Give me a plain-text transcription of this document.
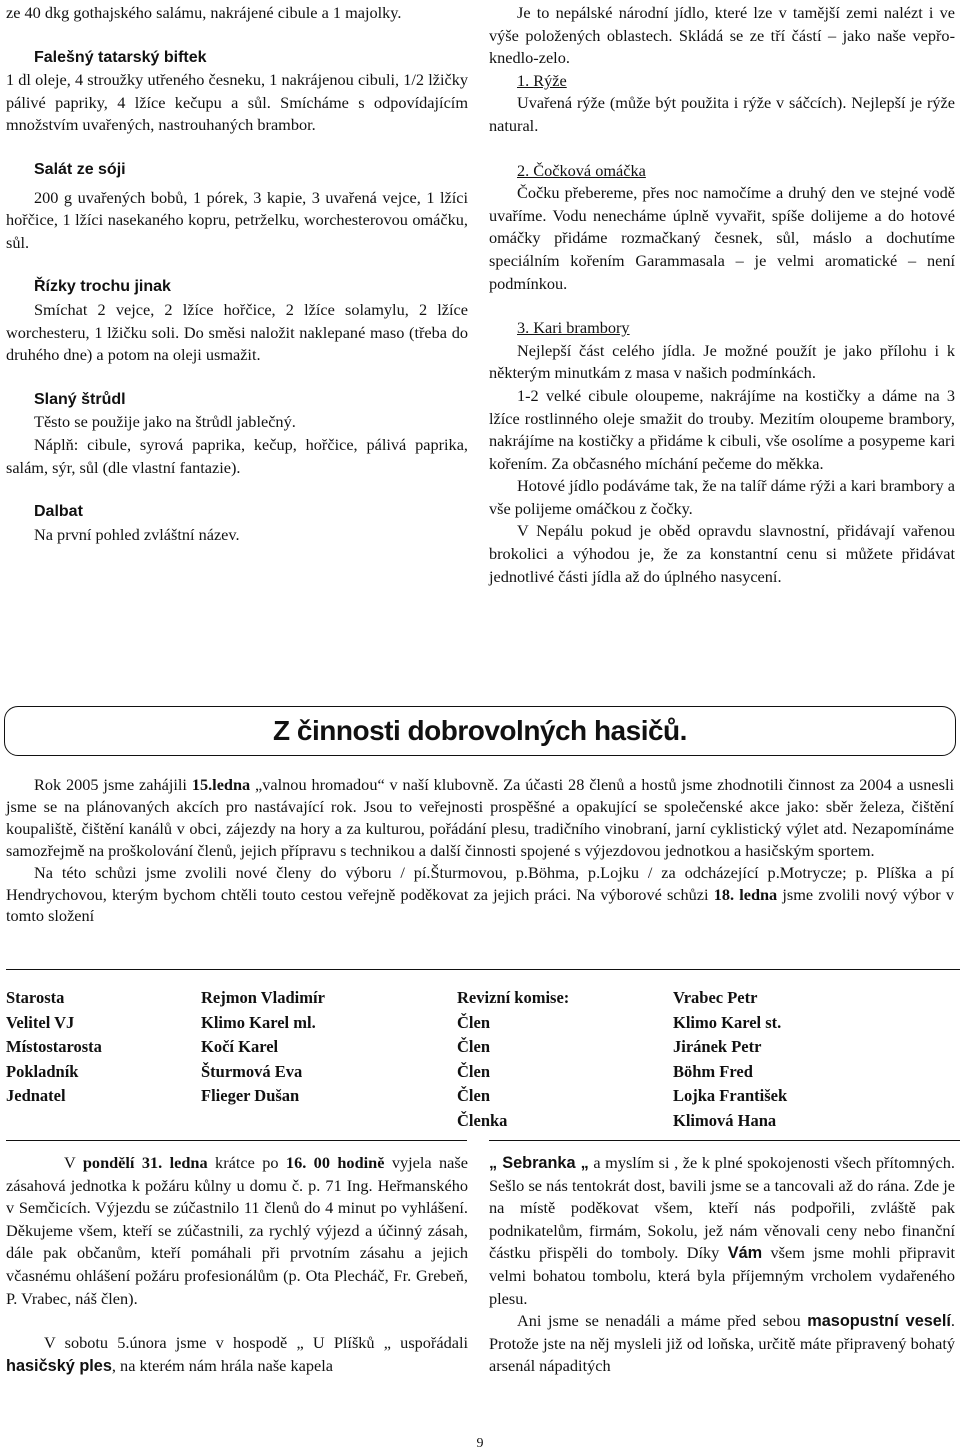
ze 40 dkg gothajského salámu, nakrájené cibule a 1 majolky.

Falešný tatarský biftek

1 dl oleje, 4 stroužky utřeného česneku, 1 nakrájenou cibuli, 1/2 lžičky pálivé papriky, 4 lžíce kečupu a sůl. Smícháme s odpovídajícím množstvím uvařených, nastrouhaných brambor.

Salát ze sóji

200 g uvařených bobů, 1 pórek, 3 kapie, 3 uvařená vejce, 1 lžíci hořčice, 1 lžíci nasekaného kopru, petrželku, worchesterovou omáčku, sůl.

Řízky trochu jinak

Smíchat 2 vejce, 2 lžíce hořčice, 2 lžíce solamylu, 2 lžíce worchesteru, 1 lžičku soli. Do směsi naložit naklepané maso (třeba do druhého dne) a potom na oleji usmažit.

Slaný štrůdl

Těsto se použije jako na štrůdl jablečný.

Náplň: cibule, syrová paprika, kečup, hořčice, pálivá paprika, salám, sýr, sůl (dle vlastní fantazie).

Dalbat

Na první pohled zvláštní název.

Je to nepálské národní jídlo, které lze v tamější zemi nalézt i ve výše položených oblastech. Skládá se ze tří částí – jako naše vepřo-knedlo-zelo.

1. Rýže

Uvařená rýže (může být použita i rýže v sáčcích). Nejlepší je rýže natural.

2. Čočková omáčka

Čočku přebereme, přes noc namočíme a druhý den ve stejné vodě uvaříme. Vodu nenecháme úplně vyvařit, spíše dolijeme a do hotové omáčky přidáme rozmačkaný česnek, sůl, máslo a dochutíme speciálním kořením Garammasala – je velmi aromatické – není podmínkou.

3. Kari brambory

Nejlepší část celého jídla. Je možné použít je jako přílohu i k některým minutkám z masa v našich podmínkách.

1-2 velké cibule oloupeme, nakrájíme na kostičky a dáme na 3 lžíce rostlinného oleje smažit do trouby. Mezitím oloupeme brambory, nakrájíme na kostičky a přidáme k cibuli, vše osolíme a posypeme kari kořením. Za občasného míchání pečeme do měkka.

Hotové jídlo podáváme tak, že na talíř dáme rýži a kari brambory a vše polijeme omáčkou z čočky.

V Nepálu pokud je oběd opravdu slavnostní, přidávají vařenou brokolici a výhodou je, že za konstantní cenu si můžete přidávat jednotlivé části jídla až do úplného nasycení.

Z činnosti dobrovolných hasičů.

Rok 2005 jsme zahájili 15.ledna „valnou hromadou“ v naší klubovně. Za účasti 28 členů a hostů jsme zhodnotili činnost za 2004 a usnesli jsme se na plánovaných akcích pro nastávající rok. Jsou to veřejnosti prospěšné a opakující se společenské akce jako: sběr železa, čištění koupaliště, čištění kanálů v obci, zájezdy na hory a za kulturou, pořádání plesu, tradičního vinobraní, jarní cyklistický výlet atd. Nezapomínáme samozřejmě na proškolování členů, jejich přípravu s technikou a další činnosti spojené s výjezdovou jednotkou a hasičským sportem.

Na této schůzi jsme zvolili nové členy do výboru / pí.Šturmovou, p.Böhma, p.Lojku / za odcházející p.Motrycze; p. Plíška a pí Hendrychovou, kterým bychom chtěli touto cestou veřejně poděkovat za jejich práci. Na výborové schůzi 18. ledna jsme zvolili nový výbor v tomto složení

Starosta	Rejmon Vladimír	Revizní komise:	Vrabec Petr
Velitel VJ	Klimo Karel ml.	Člen	Klimo Karel st.
Místostarosta	Kočí Karel	Člen	Jiránek Petr
Pokladník	Šturmová Eva	Člen	Böhm Fred
Jednatel	Flieger Dušan	Člen	Lojka František
		Členka	Klimová Hana

V pondělí 31. ledna krátce po 16. 00 hodině vyjela naše zásahová jednotka k požáru kůlny u domu č. p. 71 Ing. Heřmanského v Semčicích. Výjezdu se zúčastnilo 11 členů do 4 minut po vyhlášení. Děkujeme všem, kteří se zúčastnili, za rychlý výjezd a účinný zásah, dále pak občanům, kteří pomáhali při prvotním zásahu a jejich včasnému ohlášení požáru profesionálům (p. Ota Plecháč, Fr. Grebeň, P. Vrabec, náš člen).

V sobotu 5.února jsme v hospodě „ U Plíšků „ uspořádali hasičský ples, na kterém nám hrála naše kapela

„ Sebranka „ a myslím si , že k plné spokojenosti všech přítomných. Sešlo se nás tentokrát dost, bavili jsme se a tancovali až do rána. Zde je na místě poděkovat všem, kteří nás podpořili, zvláště pak podnikatelům, firmám, Sokolu, jež nám věnovali ceny nebo finanční částku přispěli do tomboly. Díky Vám všem jsme mohli připravit velmi bohatou tombolu, která byla příjemným vrcholem vydařeného plesu.

Ani jsme se nenadáli a máme před sebou masopustní veselí. Protože jste na něj mysleli již od loňska, určitě máte připravený bohatý arsenál nápaditých

9
